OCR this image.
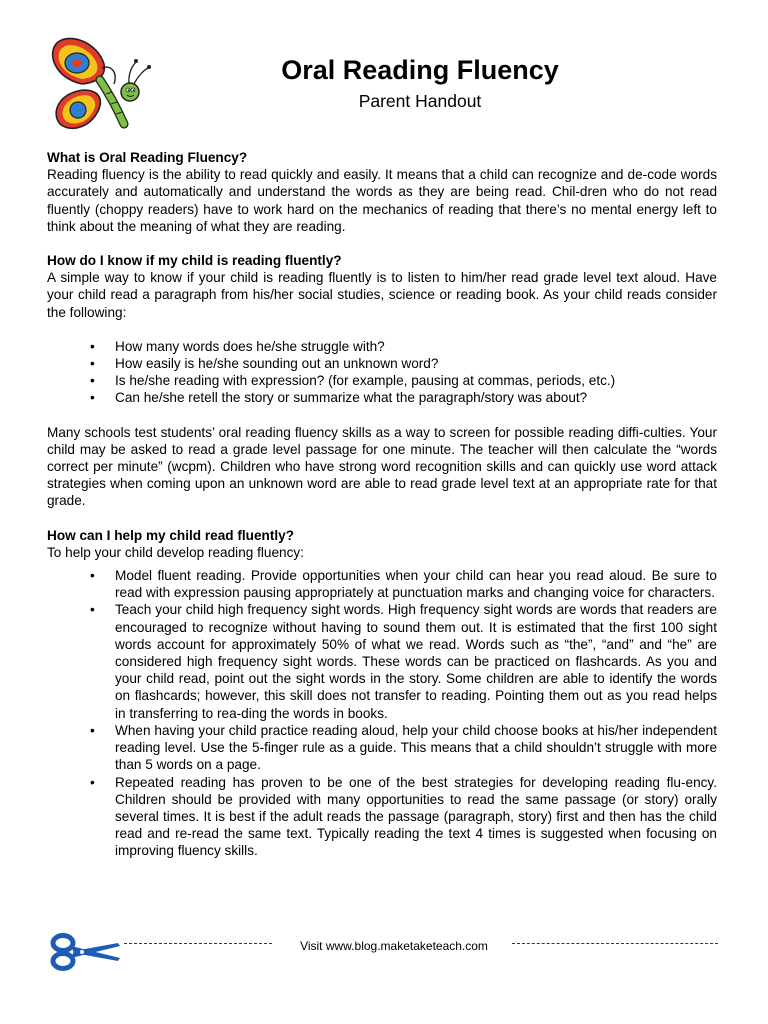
Oral Reading Fluency
Parent Handout
What is Oral Reading Fluency?

Reading fluency is the ability to read quickly and easily. It means that a child can recognize and de-code words accurately and automatically and understand the words as they are being read. Chil-dren who do not read fluently (choppy readers) have to work hard on the mechanics of reading that there’s no mental energy left to think about the meaning of what they are reading.

How do I know if my child is reading fluently?

A simple way to know if your child is reading fluently is to listen to him/her read grade level text aloud. Have your child read a paragraph from his/her social studies, science or reading book. As your child reads consider the following:

• How many words does he/she struggle with?
• How easily is he/she sounding out an unknown word?
• Is he/she reading with expression? (for example, pausing at commas, periods, etc.)
• Can he/she retell the story or summarize what the paragraph/story was about?

Many schools test students’ oral reading fluency skills as a way to screen for possible reading diffi-culties. Your child may be asked to read a grade level passage for one minute. The teacher will then calculate the “words correct per minute” (wcpm). Children who have strong word recognition skills and can quickly use word attack strategies when coming upon an unknown word are able to read grade level text at an appropriate rate for that grade.

How can I help my child read fluently?

To help your child develop reading fluency:

• Model fluent reading. Provide opportunities when your child can hear you read aloud. Be sure to read with expression pausing appropriately at punctuation marks and changing voice for characters.
• Teach your child high frequency sight words. High frequency sight words are words that readers are encouraged to recognize without having to sound them out. It is estimated that the first 100 sight words account for approximately 50% of what we read. Words such as “the”, “and” and “he” are considered high frequency sight words. These words can be practiced on flashcards. As you and your child read, point out the sight words in the story. Some children are able to identify the words on flashcards; however, this skill does not transfer to reading. Pointing them out as you read helps in transferring to rea-ding the words in books.
• When having your child practice reading aloud, help your child choose books at his/her independent reading level. Use the 5-finger rule as a guide. This means that a child shouldn’t struggle with more than 5 words on a page.
• Repeated reading has proven to be one of the best strategies for developing reading flu-ency. Children should be provided with many opportunities to read the same passage (or story) orally several times. It is best if the adult reads the passage (paragraph, story) first and then has the child read and re-read the same text. Typically reading the text 4 times is suggested when focusing on improving fluency skills.
Visit www.blog.maketaketeach.com
